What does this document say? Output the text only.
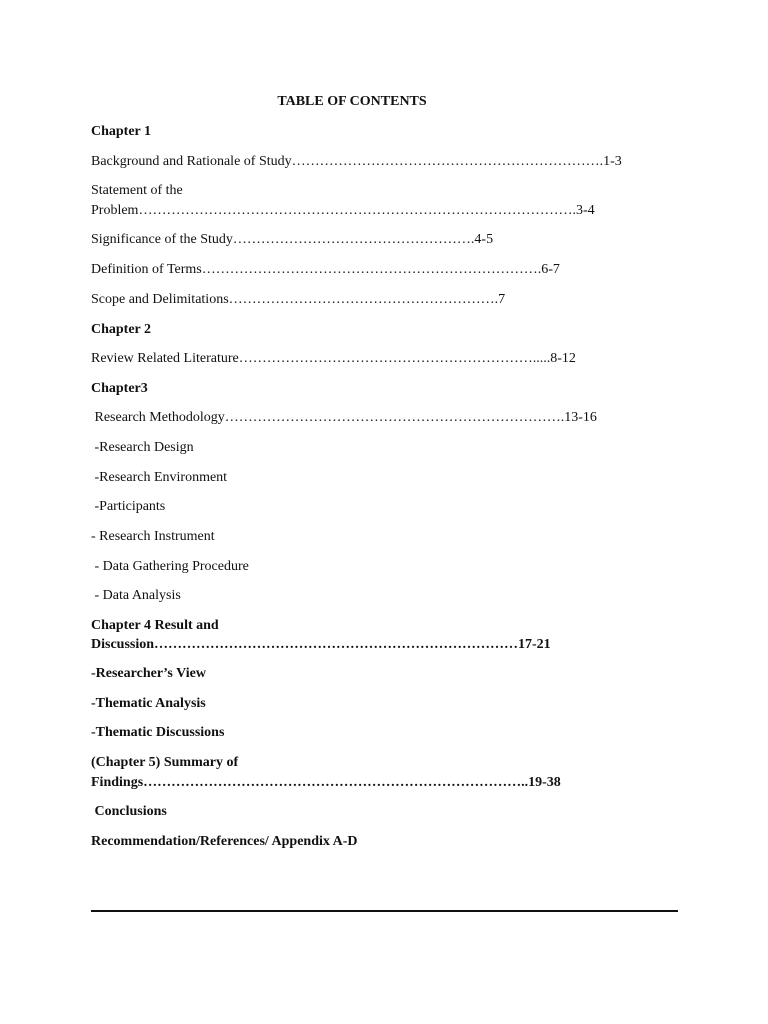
TABLE OF CONTENTS
Chapter 1
Background and Rationale of Study………………………………………………………….1-3
Statement of the
Problem………………………………………………………………………………….3-4
Significance of the Study…………………………………………….4-5
Definition of Terms……………………………………………………………….6-7
Scope and Delimitations………………………………………………….7
Chapter 2
Review Related Literature……………………………………………………….....8-12
Chapter3
Research Methodology……………………………………………………………….13-16
-Research Design
-Research Environment
-Participants
- Research Instrument
- Data Gathering Procedure
- Data Analysis
Chapter 4 Result and
Discussion……………………………………………………………………17-21
-Researcher’s View
-Thematic Analysis
-Thematic Discussions
(Chapter 5) Summary of
Findings………………………………………………………………………..19-38
Conclusions
Recommendation/References/ Appendix A-D
